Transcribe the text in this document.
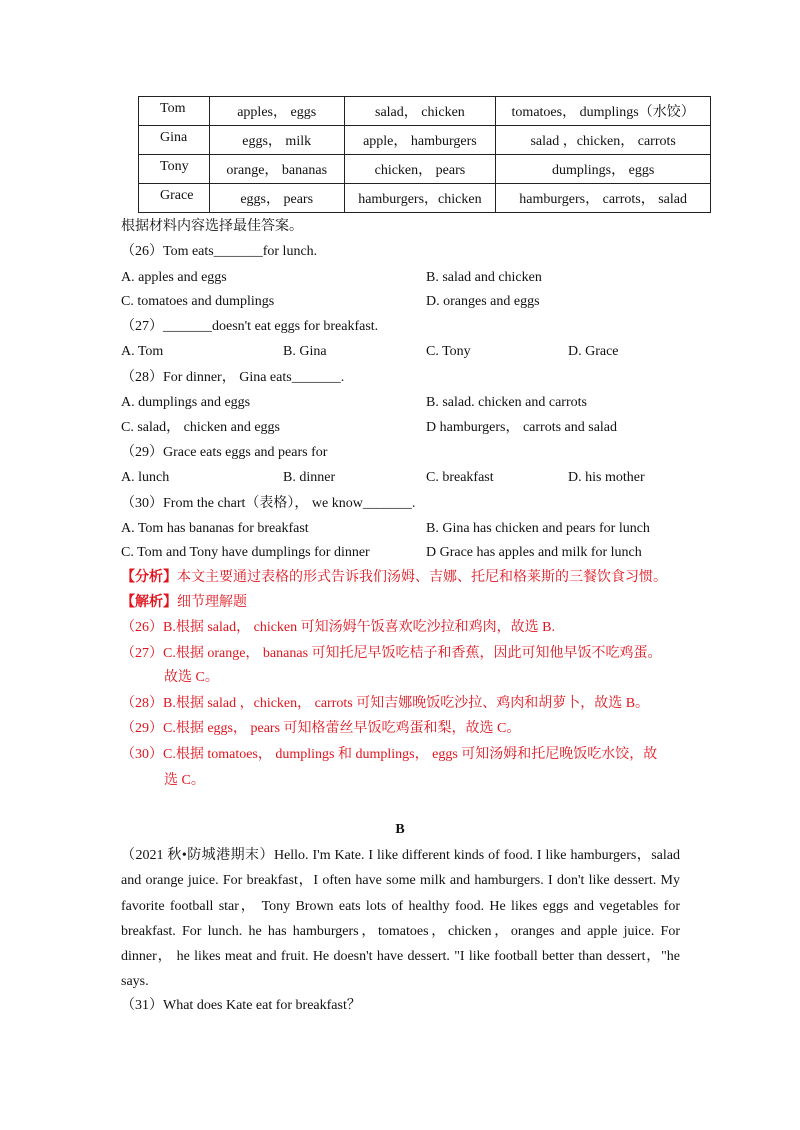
Tom	apples， eggs	salad， chicken	tomatoes， dumplings（水饺）
Gina	eggs， milk	apple， hamburgers	salad ，chicken， carrots
Tony	orange， bananas	chicken， pears	dumplings， eggs
Grace	eggs， pears	hamburgers，chicken	hamburgers， carrots， salad
根据材料内容选择最佳答案。
（26）Tom eats_______for lunch.
A. apples and eggs	B. salad and chicken
C. tomatoes and dumplings	D. oranges and eggs
（27）_______doesn't eat eggs for breakfast.
A. Tom	B. Gina	C. Tony	D. Grace
（28）For dinner， Gina eats_______.
A. dumplings and eggs	B. salad. chicken and carrots
C. salad， chicken and eggs	D hamburgers， carrots and salad
（29）Grace eats eggs and pears for
A. lunch	B. dinner	C. breakfast	D. his mother
（30）From the chart（表格）， we know_______.
A. Tom has bananas for breakfast	B. Gina has chicken and pears for lunch
C. Tom and Tony have dumplings for dinner	D Grace has apples and milk for lunch
【分析】本文主要通过表格的形式告诉我们汤姆、吉娜、托尼和格莱斯的三餐饮食习惯。
【解析】细节理解题
（26）B.根据 salad， chicken 可知汤姆午饭喜欢吃沙拉和鸡肉，故选 B.
（27）C.根据 orange， bananas 可知托尼早饭吃桔子和香蕉，因此可知他早饭不吃鸡蛋。
故选 C。
（28）B.根据 salad ，chicken， carrots 可知吉娜晚饭吃沙拉、鸡肉和胡萝卜，故选 B。
（29）C.根据 eggs， pears 可知格蕾丝早饭吃鸡蛋和梨，故选 C。
（30）C.根据 tomatoes， dumplings 和 dumplings， eggs 可知汤姆和托尼晚饭吃水饺，故
选 C。
B
（2021 秋•防城港期末）Hello. I'm Kate. I like different kinds of food. I like hamburgers，salad and orange juice. For breakfast，I often have some milk and hamburgers. I don't like dessert. My favorite football star， Tony Brown eats lots of healthy food. He likes eggs and vegetables for breakfast. For lunch. he has hamburgers，tomatoes，chicken，oranges and apple juice. For dinner， he likes meat and fruit. He doesn't have dessert. "I like football better than dessert，"he says.
（31）What does Kate eat for breakfast？
